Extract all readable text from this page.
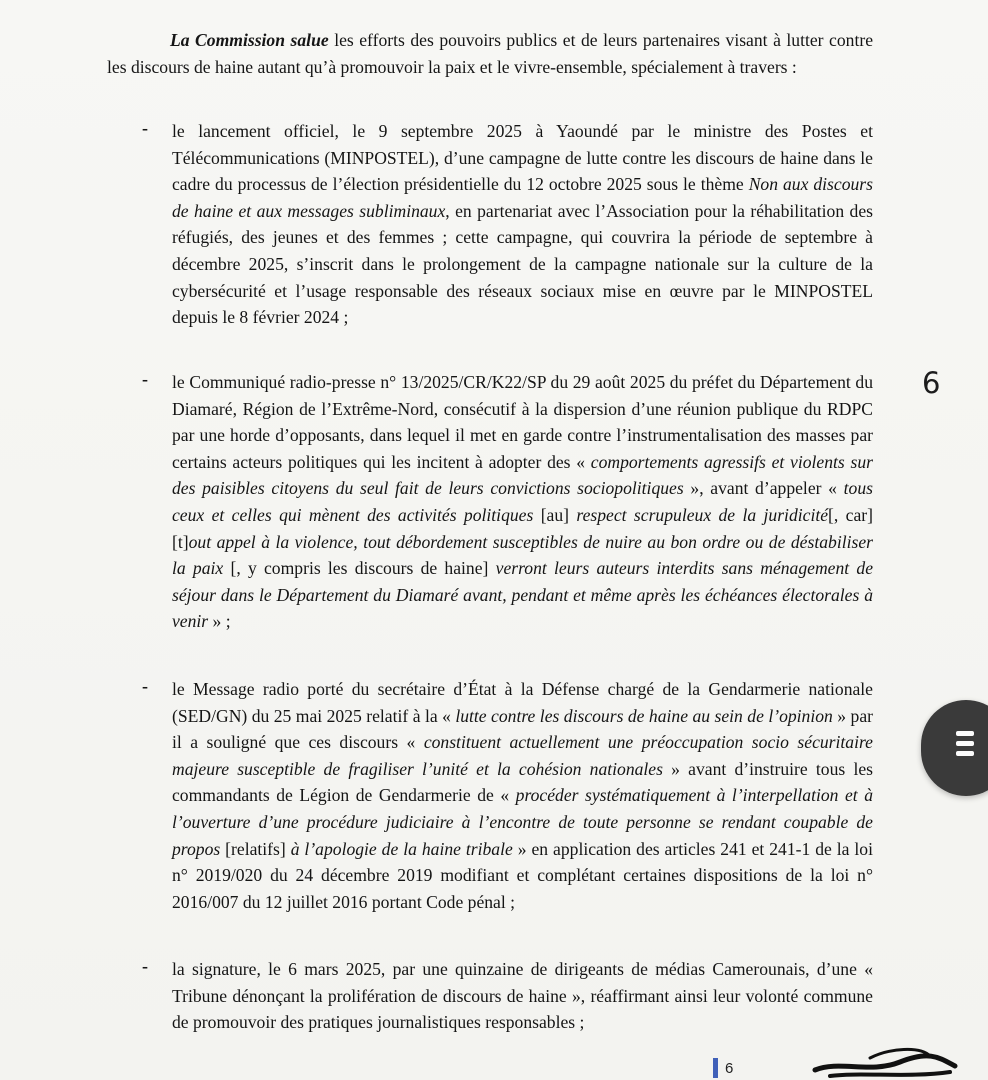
La Commission salue les efforts des pouvoirs publics et de leurs partenaires visant à lutter contre les discours de haine autant qu’à promouvoir la paix et le vivre-ensemble, spécialement à travers :

- le lancement officiel, le 9 septembre 2025 à Yaoundé par le ministre des Postes et Télécommunications (MINPOSTEL), d’une campagne de lutte contre les discours de haine dans le cadre du processus de l’élection présidentielle du 12 octobre 2025 sous le thème Non aux discours de haine et aux messages subliminaux, en partenariat avec l’Association pour la réhabilitation des réfugiés, des jeunes et des femmes ; cette campagne, qui couvrira la période de septembre à décembre 2025, s’inscrit dans le prolongement de la campagne nationale sur la culture de la cybersécurité et l’usage responsable des réseaux sociaux mise en œuvre par le MINPOSTEL depuis le 8 février 2024 ;

- le Communiqué radio-presse n° 13/2025/CR/K22/SP du 29 août 2025 du préfet du Département du Diamaré, Région de l’Extrême-Nord, consécutif à la dispersion d’une réunion publique du RDPC par une horde d’opposants, dans lequel il met en garde contre l’instrumentalisation des masses par certains acteurs politiques qui les incitent à adopter des « comportements agressifs et violents sur des paisibles citoyens du seul fait de leurs convictions sociopolitiques », avant d’appeler « tous ceux et celles qui mènent des activités politiques [au] respect scrupuleux de la juridicité[, car] [t]out appel à la violence, tout débordement susceptibles de nuire au bon ordre ou de déstabiliser la paix [, y compris les discours de haine] verront leurs auteurs interdits sans ménagement de séjour dans le Département du Diamaré avant, pendant et même après les échéances électorales à venir » ;

- le Message radio porté du secrétaire d’État à la Défense chargé de la Gendarmerie nationale (SED/GN) du 25 mai 2025 relatif à la « lutte contre les discours de haine au sein de l’opinion » par il a souligné que ces discours « constituent actuellement une préoccupation socio sécuritaire majeure susceptible de fragiliser l’unité et la cohésion nationales » avant d’instruire tous les commandants de Légion de Gendarmerie de « procéder systématiquement à l’interpellation et à l’ouverture d’une procédure judiciaire à l’encontre de toute personne se rendant coupable de propos [relatifs] à l’apologie de la haine tribale » en application des articles 241 et 241-1 de la loi n° 2019/020 du 24 décembre 2019 modifiant et complétant certaines dispositions de la loi n° 2016/007 du 12 juillet 2016 portant Code pénal ;

- la signature, le 6 mars 2025, par une quinzaine de dirigeants de médias Camerounais, d’une « Tribune dénonçant la prolifération de discours de haine », réaffirmant ainsi leur volonté commune de promouvoir des pratiques journalistiques responsables ;

6
6
